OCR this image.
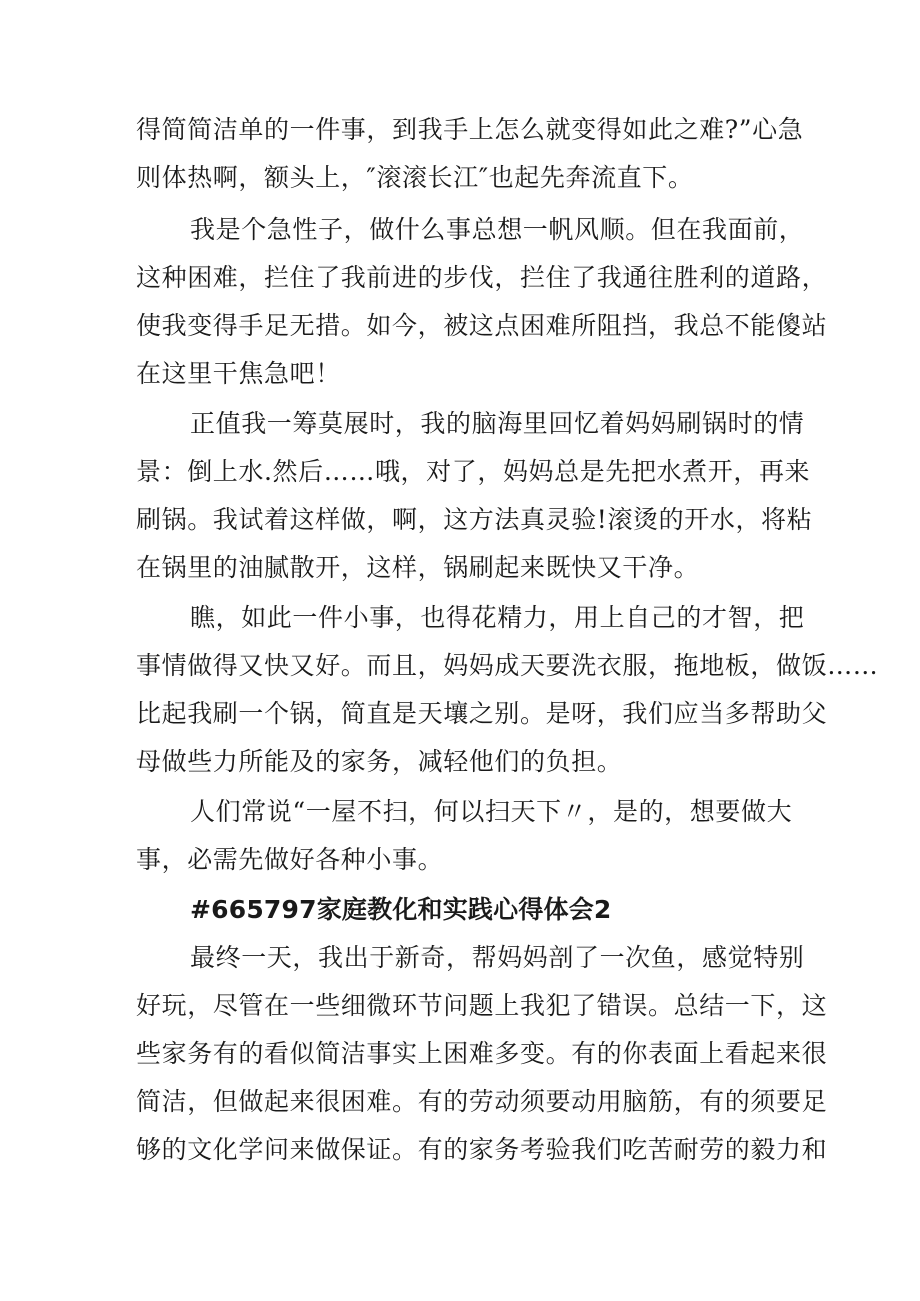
得简简洁单的一件事，到我手上怎么就变得如此之难?”心急
则体热啊，额头上，″滚滚长江″也起先奔流直下。
我是个急性子，做什么事总想一帆风顺。但在我面前，
这种困难，拦住了我前进的步伐，拦住了我通往胜利的道路，
使我变得手足无措。如今，被这点困难所阻挡，我总不能傻站
在这里干焦急吧！
正值我一筹莫展时，我的脑海里回忆着妈妈刷锅时的情
景：倒上水.然后……哦，对了，妈妈总是先把水煮开，再来
刷锅。我试着这样做，啊，这方法真灵验!滚烫的开水，将粘
在锅里的油腻散开，这样，锅刷起来既快又干净。
瞧，如此一件小事，也得花精力，用上自己的才智，把
事情做得又快又好。而且，妈妈成天要洗衣服，拖地板，做饭……
比起我刷一个锅，简直是天壤之别。是呀，我们应当多帮助父
母做些力所能及的家务，减轻他们的负担。
人们常说“一屋不扫，何以扫天下〃，是的，想要做大
事，必需先做好各种小事。
#665797家庭教化和实践心得体会2
最终一天，我出于新奇，帮妈妈剖了一次鱼，感觉特别
好玩，尽管在一些细微环节问题上我犯了错误。总结一下，这
些家务有的看似简洁事实上困难多变。有的你表面上看起来很
简洁，但做起来很困难。有的劳动须要动用脑筋，有的须要足
够的文化学问来做保证。有的家务考验我们吃苦耐劳的毅力和
